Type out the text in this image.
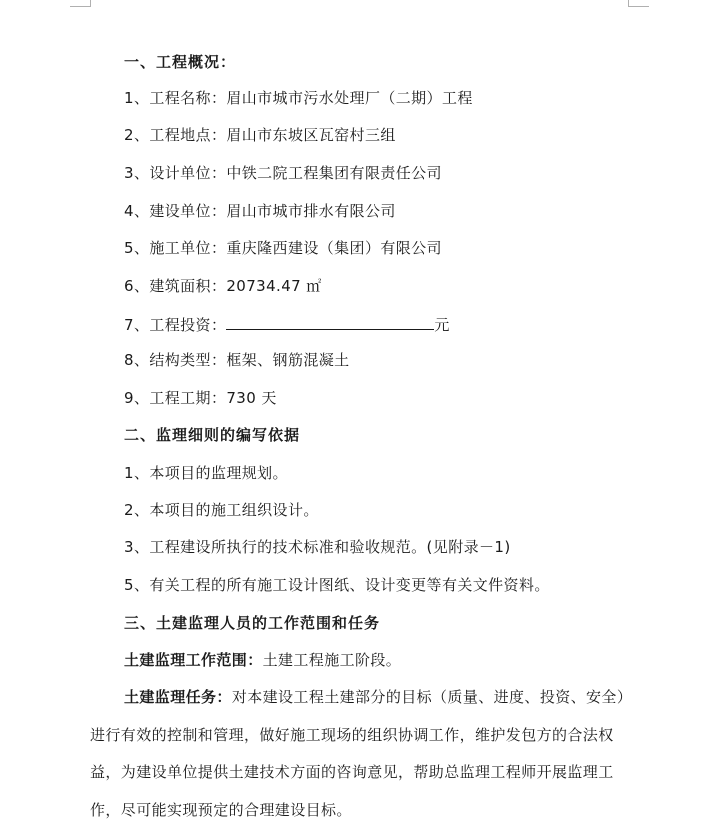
一、工程概况：
1、工程名称：眉山市城市污水处理厂（二期）工程
2、工程地点：眉山市东坡区瓦窑村三组
3、设计单位：中铁二院工程集团有限责任公司
4、建设单位：眉山市城市排水有限公司
5、施工单位：重庆隆西建设（集团）有限公司
6、建筑面积：20734.47 ㎡
7、工程投资：	元
8、结构类型：框架、钢筋混凝土
9、工程工期：730 天
二、监理细则的编写依据
1、本项目的监理规划。
2、本项目的施工组织设计。
3、工程建设所执行的技术标准和验收规范。(见附录－1)
5、有关工程的所有施工设计图纸、设计变更等有关文件资料。
三、土建监理人员的工作范围和任务
土建监理工作范围：土建工程施工阶段。
土建监理任务：对本建设工程土建部分的目标（质量、进度、投资、安全）进行有效的控制和管理，做好施工现场的组织协调工作，维护发包方的合法权益，为建设单位提供土建技术方面的咨询意见，帮助总监理工程师开展监理工作，尽可能实现预定的合理建设目标。
